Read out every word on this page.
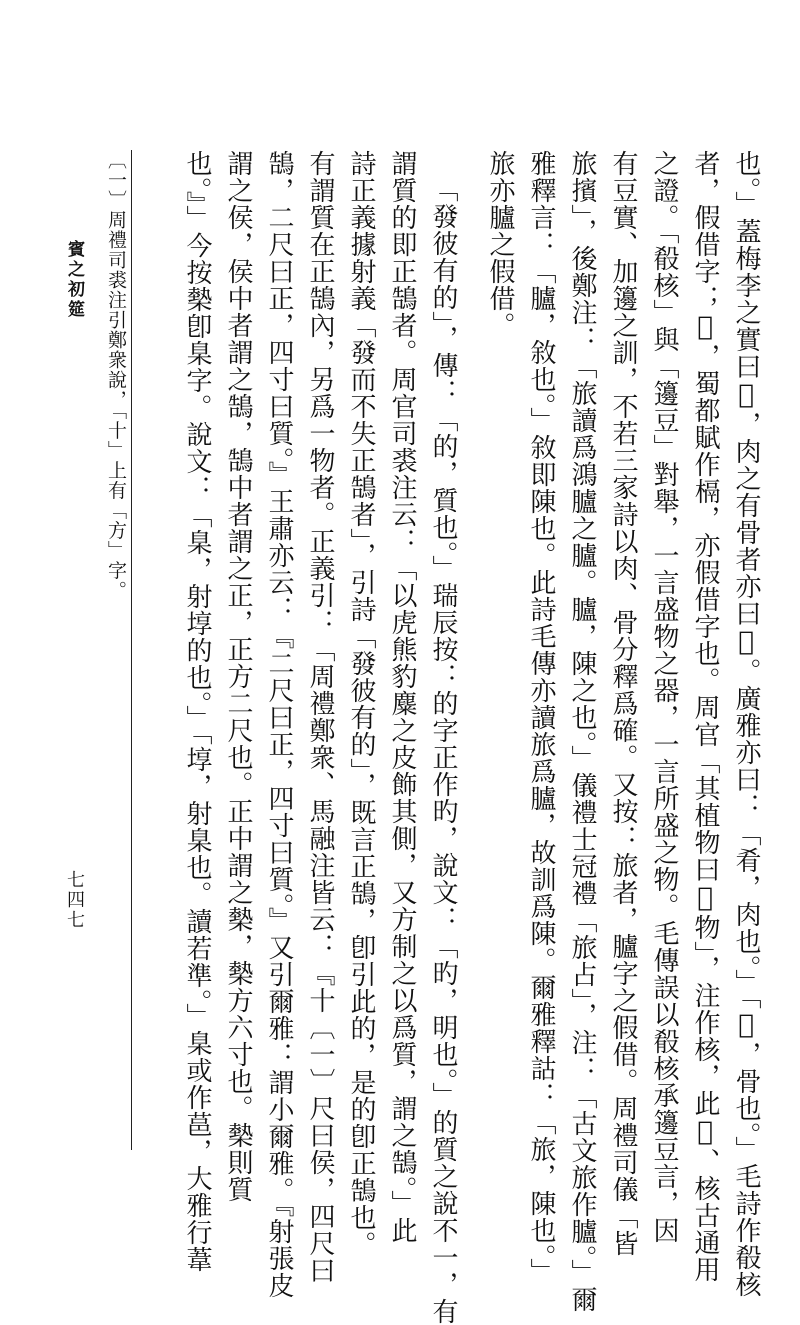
賓之初筵
七四七	也。」蓋梅李之實曰𣪚，肉之有骨者亦曰𣪚。廣雅亦曰：「肴，肉也。」「𣪚，骨也。」毛詩作殽核
者，假借字；𣪚，蜀都賦作槅，亦假借字也。周官「其植物曰𣪚物」，注作核，此𣪚、核古通用
之證。「殽核」與「籩豆」對舉，一言盛物之器，一言所盛之物。毛傳誤以殽核承籩豆言，因
有豆實、加籩之訓，不若三家詩以肉、骨分釋爲確。又按：旅者，臚字之假借。周禮司儀「皆
旅擯」，後鄭注：「旅讀爲鴻臚之臚。臚，陳之也。」儀禮士冠禮「旅占」，注：「古文旅作臚。」爾
雅釋言：「臚，敘也。」敘即陳也。此詩毛傳亦讀旅爲臚，故訓爲陳。爾雅釋詁：「旅，陳也。」
旅亦臚之假借。
「發彼有的」，傳：「的，質也。」瑞辰按：的字正作旳，說文：「旳，明也。」的質之說不一，有
謂質的即正鵠者。周官司裘注云：「以虎熊豹麋之皮飾其側，又方制之以爲質，謂之鵠。」此
詩正義據射義「發而不失正鵠者」，引詩「發彼有的」，既言正鵠，卽引此的，是的卽正鵠也。
有謂質在正鵠內，另爲一物者。正義引：「周禮鄭衆、馬融注皆云：『十〔一〕尺曰侯，四尺曰
鵠，二尺曰正，四寸曰質。』王肅亦云：『二尺曰正，四寸曰質。』又引爾雅：謂小爾雅。『射張皮
謂之侯，侯中者謂之鵠，鵠中者謂之正，正方二尺也。正中謂之槷，槷方六寸也。槷則質
也。』」今按槷卽臬字。說文：「臬，射埻的也。」「埻，射臬也。讀若準。」臬或作䓃，大雅行葦
〔一〕周禮司裘注引鄭衆說，「十」上有「方」字。
